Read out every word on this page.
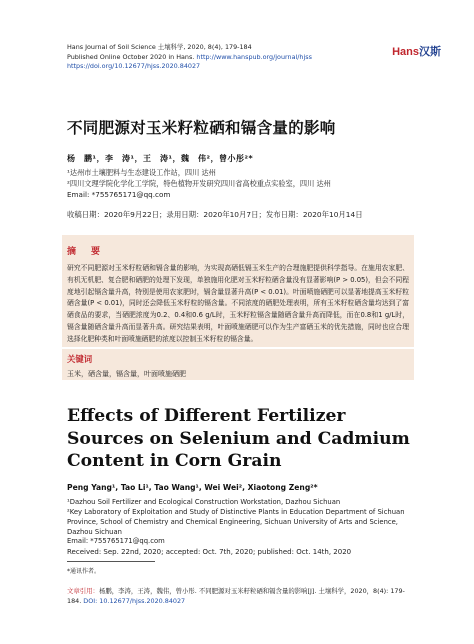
Hans Journal of Soil Science 土壤科学, 2020, 8(4), 179-184
Published Online October 2020 in Hans. http://www.hanspub.org/journal/hjss
https://doi.org/10.12677/hjss.2020.84027
Hans汉斯
不同肥源对玉米籽粒硒和镉含量的影响
杨　鹏¹，李　涛¹，王　涛¹，魏　伟²，曾小彤²*
¹达州市土壤肥料与生态建设工作站，四川 达州
²四川文理学院化学化工学院，特色植物开发研究四川省高校重点实验室，四川 达州
Email: *755765171@qq.com
收稿日期：2020年9月22日；录用日期：2020年10月7日；发布日期：2020年10月14日
摘　要
研究不同肥源对玉米籽粒硒和镉含量的影响，为实现高硒低镉玉米生产的合理施肥提供科学指导。在施用农家肥、有机无机肥、复合肥和硒肥的处理下发现，单独施用化肥对玉米籽粒硒含量没有显著影响(P > 0.05)，但会不同程度地引起镉含量升高，特别是使用农家肥时，镉含量显著升高(P < 0.01)。叶面喷施硒肥可以显著地提高玉米籽粒硒含量(P < 0.01)，同时还会降低玉米籽粒的镉含量。不同浓度的硒肥处理表明，所有玉米籽粒硒含量均达到了富硒食品的要求，当硒肥浓度为0.2、0.4和0.6 g/L时，玉米籽粒镉含量随硒含量升高而降低，而在0.8和1 g/L时，镉含量随硒含量升高而显著升高。研究结果表明，叶面喷施硒肥可以作为生产富硒玉米的优先措施，同时也应合理选择化肥种类和叶面喷施硒肥的浓度以控制玉米籽粒的镉含量。
关键词
玉米，硒含量，镉含量，叶面喷施硒肥
Effects of Different Fertilizer Sources on Selenium and Cadmium Content in Corn Grain
Peng Yang¹, Tao Li¹, Tao Wang¹, Wei Wei², Xiaotong Zeng²*
¹Dazhou Soil Fertilizer and Ecological Construction Workstation, Dazhou Sichuan
²Key Laboratory of Exploitation and Study of Distinctive Plants in Education Department of Sichuan Province, School of Chemistry and Chemical Engineering, Sichuan University of Arts and Science, Dazhou Sichuan
Email: *755765171@qq.com
Received: Sep. 22nd, 2020; accepted: Oct. 7th, 2020; published: Oct. 14th, 2020
*通讯作者。
文章引用：杨鹏，李涛，王涛，魏伟，曾小彤. 不同肥源对玉米籽粒硒和镉含量的影响[J]. 土壤科学，2020，8(4): 179-184. DOI: 10.12677/hjss.2020.84027
